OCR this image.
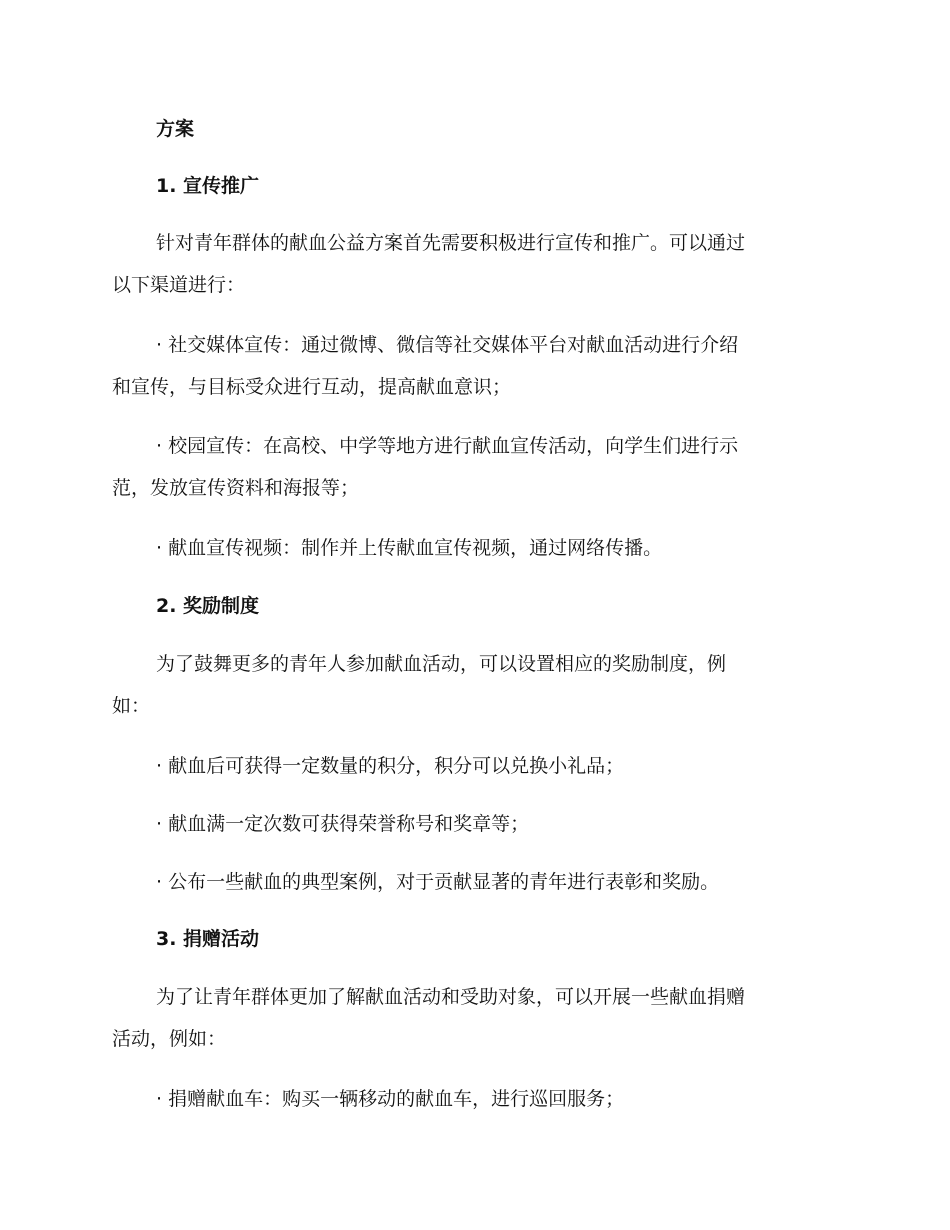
方案
1. 宣传推广
针对青年群体的献血公益方案首先需要积极进行宣传和推广。可以通过
以下渠道进行：
· 社交媒体宣传：通过微博、微信等社交媒体平台对献血活动进行介绍
和宣传，与目标受众进行互动，提高献血意识；
· 校园宣传：在高校、中学等地方进行献血宣传活动，向学生们进行示
范，发放宣传资料和海报等；
· 献血宣传视频：制作并上传献血宣传视频，通过网络传播。
2. 奖励制度
为了鼓舞更多的青年人参加献血活动，可以设置相应的奖励制度，例
如：
· 献血后可获得一定数量的积分，积分可以兑换小礼品；
· 献血满一定次数可获得荣誉称号和奖章等；
· 公布一些献血的典型案例，对于贡献显著的青年进行表彰和奖励。
3. 捐赠活动
为了让青年群体更加了解献血活动和受助对象，可以开展一些献血捐赠
活动，例如：
· 捐赠献血车：购买一辆移动的献血车，进行巡回服务；
